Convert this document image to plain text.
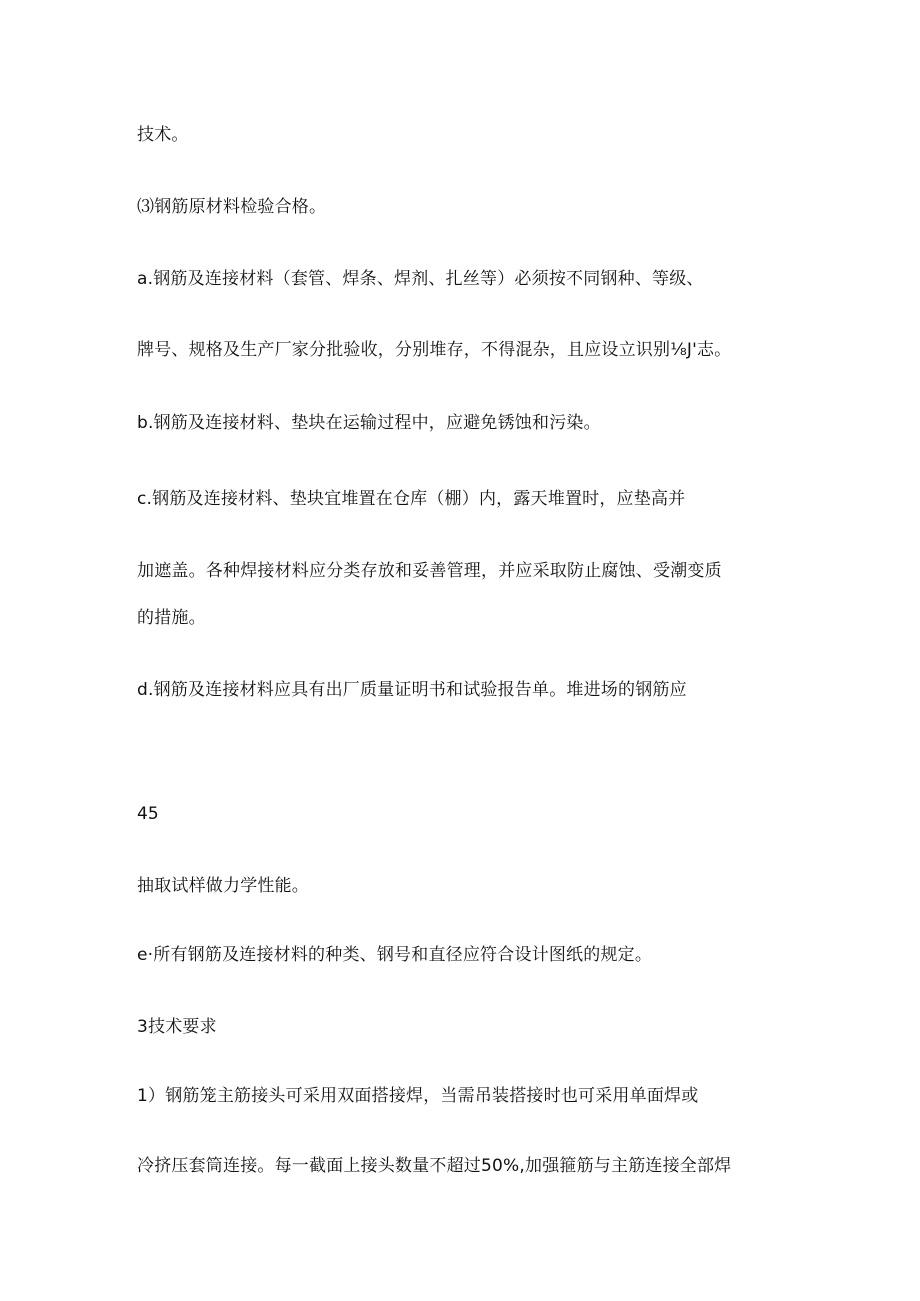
技术。
⑶钢筋原材料检验合格。
a.钢筋及连接材料（套管、焊条、焊剂、扎丝等）必须按不同钢种、等级、
牌号、规格及生产厂家分批验收，分别堆存，不得混杂，且应设立识别⅛J'志。
b.钢筋及连接材料、垫块在运输过程中，应避免锈蚀和污染。
c.钢筋及连接材料、垫块宜堆置在仓库（棚）内，露天堆置时，应垫高并
加遮盖。各种焊接材料应分类存放和妥善管理，并应采取防止腐蚀、受潮变质
的措施。
d.钢筋及连接材料应具有出厂质量证明书和试验报告单。堆进场的钢筋应
45
抽取试样做力学性能。
e·所有钢筋及连接材料的种类、钢号和直径应符合设计图纸的规定。
3技术要求
1）钢筋笼主筋接头可采用双面搭接焊，当需吊装搭接时也可采用单面焊或
冷挤压套筒连接。每一截面上接头数量不超过50%,加强箍筋与主筋连接全部焊
